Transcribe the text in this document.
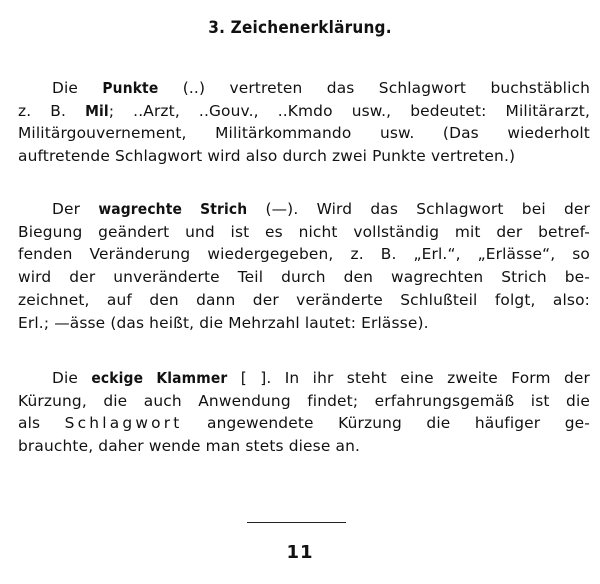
3. Zeichenerklärung.
Die Punkte (..) vertreten das Schlagwort buchstäblich
z. B. Mil; ..Arzt, ..Gouv., ..Kmdo usw., bedeutet: Militärarzt,
Militärgouvernement, Militärkommando usw. (Das wiederholt
auftretende Schlagwort wird also durch zwei Punkte vertreten.)
Der wagrechte Strich (—). Wird das Schlagwort bei der
Biegung geändert und ist es nicht vollständig mit der betref-
fenden Veränderung wiedergegeben, z. B. „Erl.“, „Erlässe“, so
wird der unveränderte Teil durch den wagrechten Strich be-
zeichnet, auf den dann der veränderte Schlußteil folgt, also:
Erl.; —ässe (das heißt, die Mehrzahl lautet: Erlässe).
Die eckige Klammer [ ]. In ihr steht eine zweite Form der
Kürzung, die auch Anwendung findet; erfahrungsgemäß ist die
als Schlagwort angewendete Kürzung die häufiger ge-
brauchte, daher wende man stets diese an.
11
